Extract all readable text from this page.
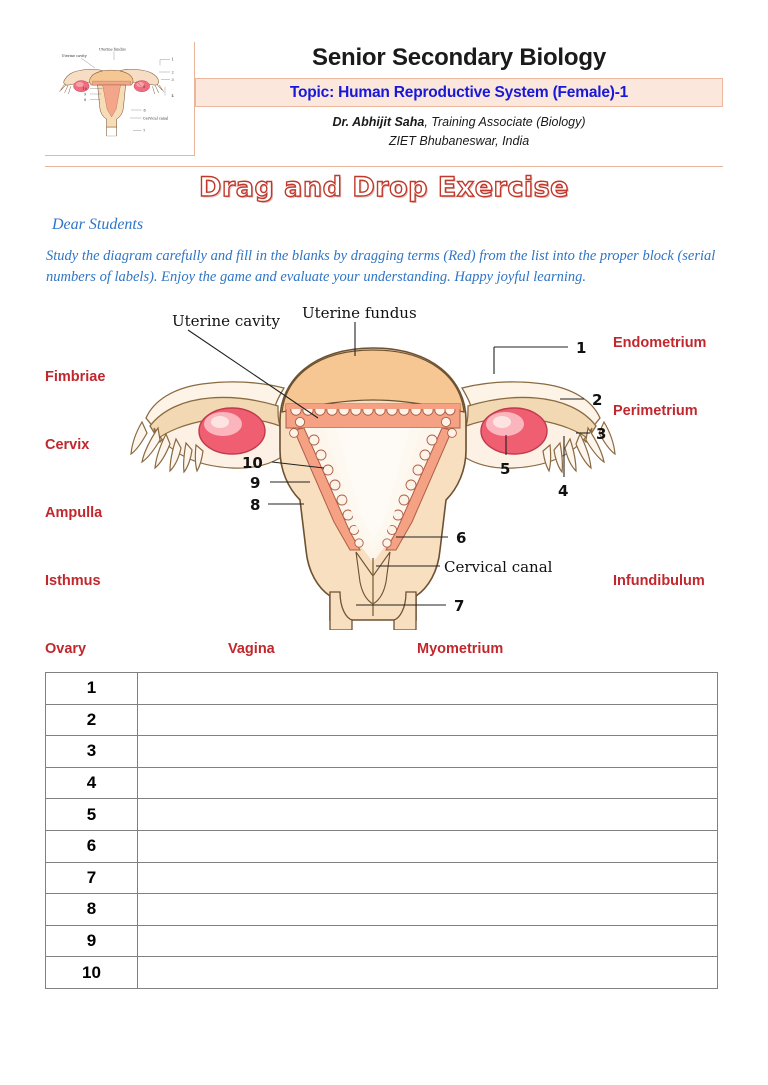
Uterine fundus
Uterine cavity
Cervical canal
1
2
3
4
5
6
7
10
9
8
Senior Secondary Biology
Topic: Human Reproductive System (Female)-1
Dr. Abhijit Saha, Training Associate (Biology)
ZIET Bhubaneswar, India
Drag and Drop Exercise
Dear Students
Study the diagram carefully and fill in the blanks by dragging terms (Red) from the list into the proper block (serial numbers of labels). Enjoy the game and evaluate your understanding. Happy joyful learning.
Uterine fundus
Uterine cavity
Cervical canal
1
2
3
4
5
6
7
8
9
10
Fimbriae
Cervix
Ampulla
Isthmus
Endometrium
Perimetrium
Infundibulum
Ovary	Vagina	Myometrium
1	
2	
3	
4	
5	
6	
7	
8	
9	
10	
